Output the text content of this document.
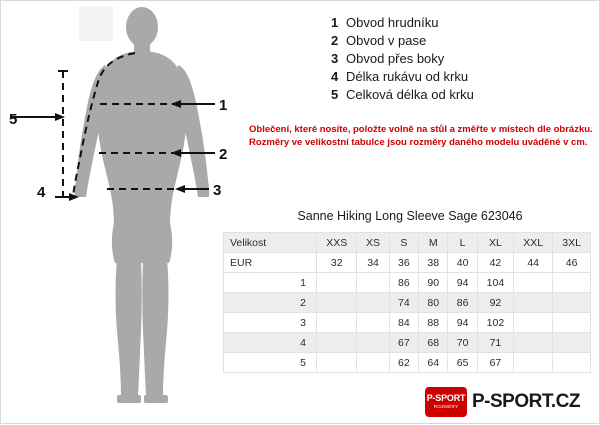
1
2
3
4
5
1 Obvod hrudníku
2 Obvod v pase
3 Obvod přes boky
4 Délka rukávu od krku
5 Celková délka od krku
Oblečení, které nosíte, položte volně na stůl a změřte v místech dle obrázku.
Rozměry ve velikostní tabulce jsou rozměry daného modelu uváděné v cm.
Sanne Hiking Long Sleeve Sage 623046
Velikost	XXS	XS	S	M	L	XL	XXL	3XL
EUR	32	34	36	38	40	42	44	46
1			86	90	94	104		
2			74	80	86	92		
3			84	88	94	102		
4			67	68	70	71		
5			62	64	65	67		
P-SPORT
ROZMĚRY P-SPORT.CZ
